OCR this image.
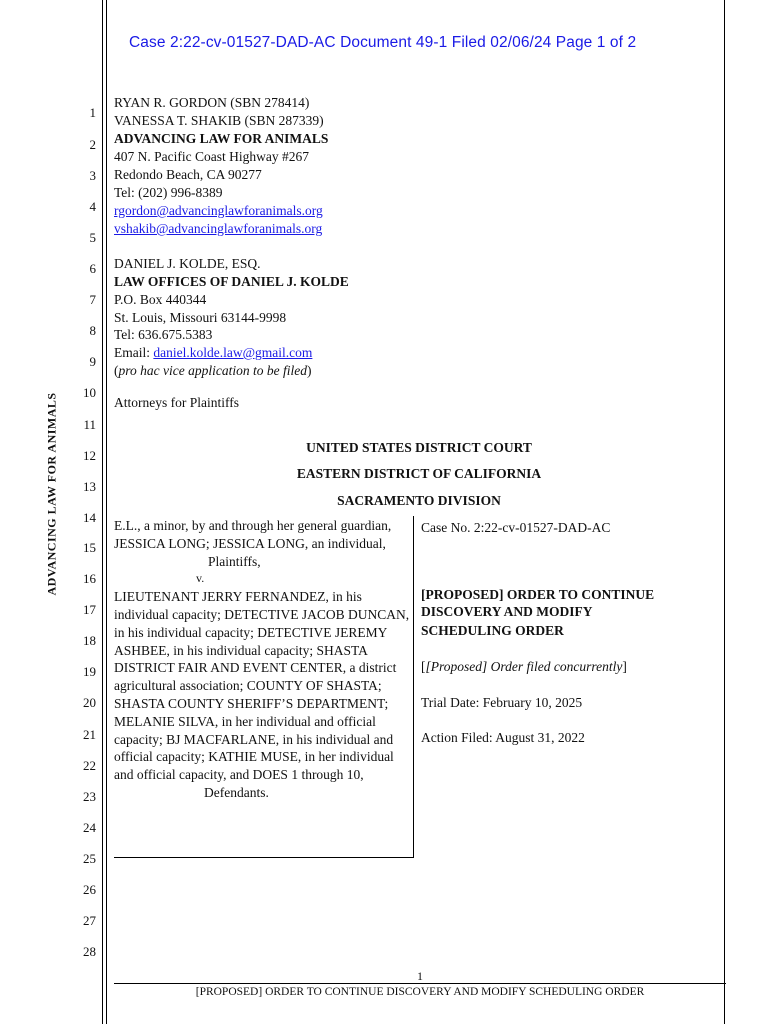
Case 2:22-cv-01527-DAD-AC Document 49-1 Filed 02/06/24 Page 1 of 2
ADVANCING LAW FOR ANIMALS
1
2
3
4
5
6
7
8
9
10
11
12
13
14
15
16
17
18
19
20
21
22
23
24
25
26
27
28
RYAN R. GORDON (SBN 278414)
VANESSA T. SHAKIB (SBN 287339)
ADVANCING LAW FOR ANIMALS
407 N. Pacific Coast Highway #267
Redondo Beach, CA 90277
Tel: (202) 996-8389
rgordon@advancinglawforanimals.org
vshakib@advancinglawforanimals.org
DANIEL J. KOLDE, ESQ.
LAW OFFICES OF DANIEL J. KOLDE
P.O. Box 440344
St. Louis, Missouri 63144-9998
Tel: 636.675.5383
Email: daniel.kolde.law@gmail.com
(pro hac vice application to be filed)
Attorneys for Plaintiffs
UNITED STATES DISTRICT COURT
EASTERN DISTRICT OF CALIFORNIA
SACRAMENTO DIVISION

E.L., a minor, by and through her general guardian, JESSICA LONG; JESSICA LONG, an individual,

Plaintiffs,

v.

LIEUTENANT JERRY FERNANDEZ, in his individual capacity; DETECTIVE JACOB DUNCAN, in his individual capacity; DETECTIVE JEREMY ASHBEE, in his individual capacity; SHASTA DISTRICT FAIR AND EVENT CENTER, a district agricultural association; COUNTY OF SHASTA; SHASTA COUNTY SHERIFF’S DEPARTMENT; MELANIE SILVA, in her individual and official capacity; BJ MACFARLANE, in his individual and official capacity; KATHIE MUSE, in her individual and official capacity, and DOES 1 through 10,

Defendants.

Case No. 2:22-cv-01527-DAD-AC
[PROPOSED] ORDER TO CONTINUE
DISCOVERY AND MODIFY
SCHEDULING ORDER
[[Proposed] Order filed concurrently]
Trial Date: February 10, 2025
Action Filed: August 31, 2022
1
[PROPOSED] ORDER TO CONTINUE DISCOVERY AND MODIFY SCHEDULING ORDER
